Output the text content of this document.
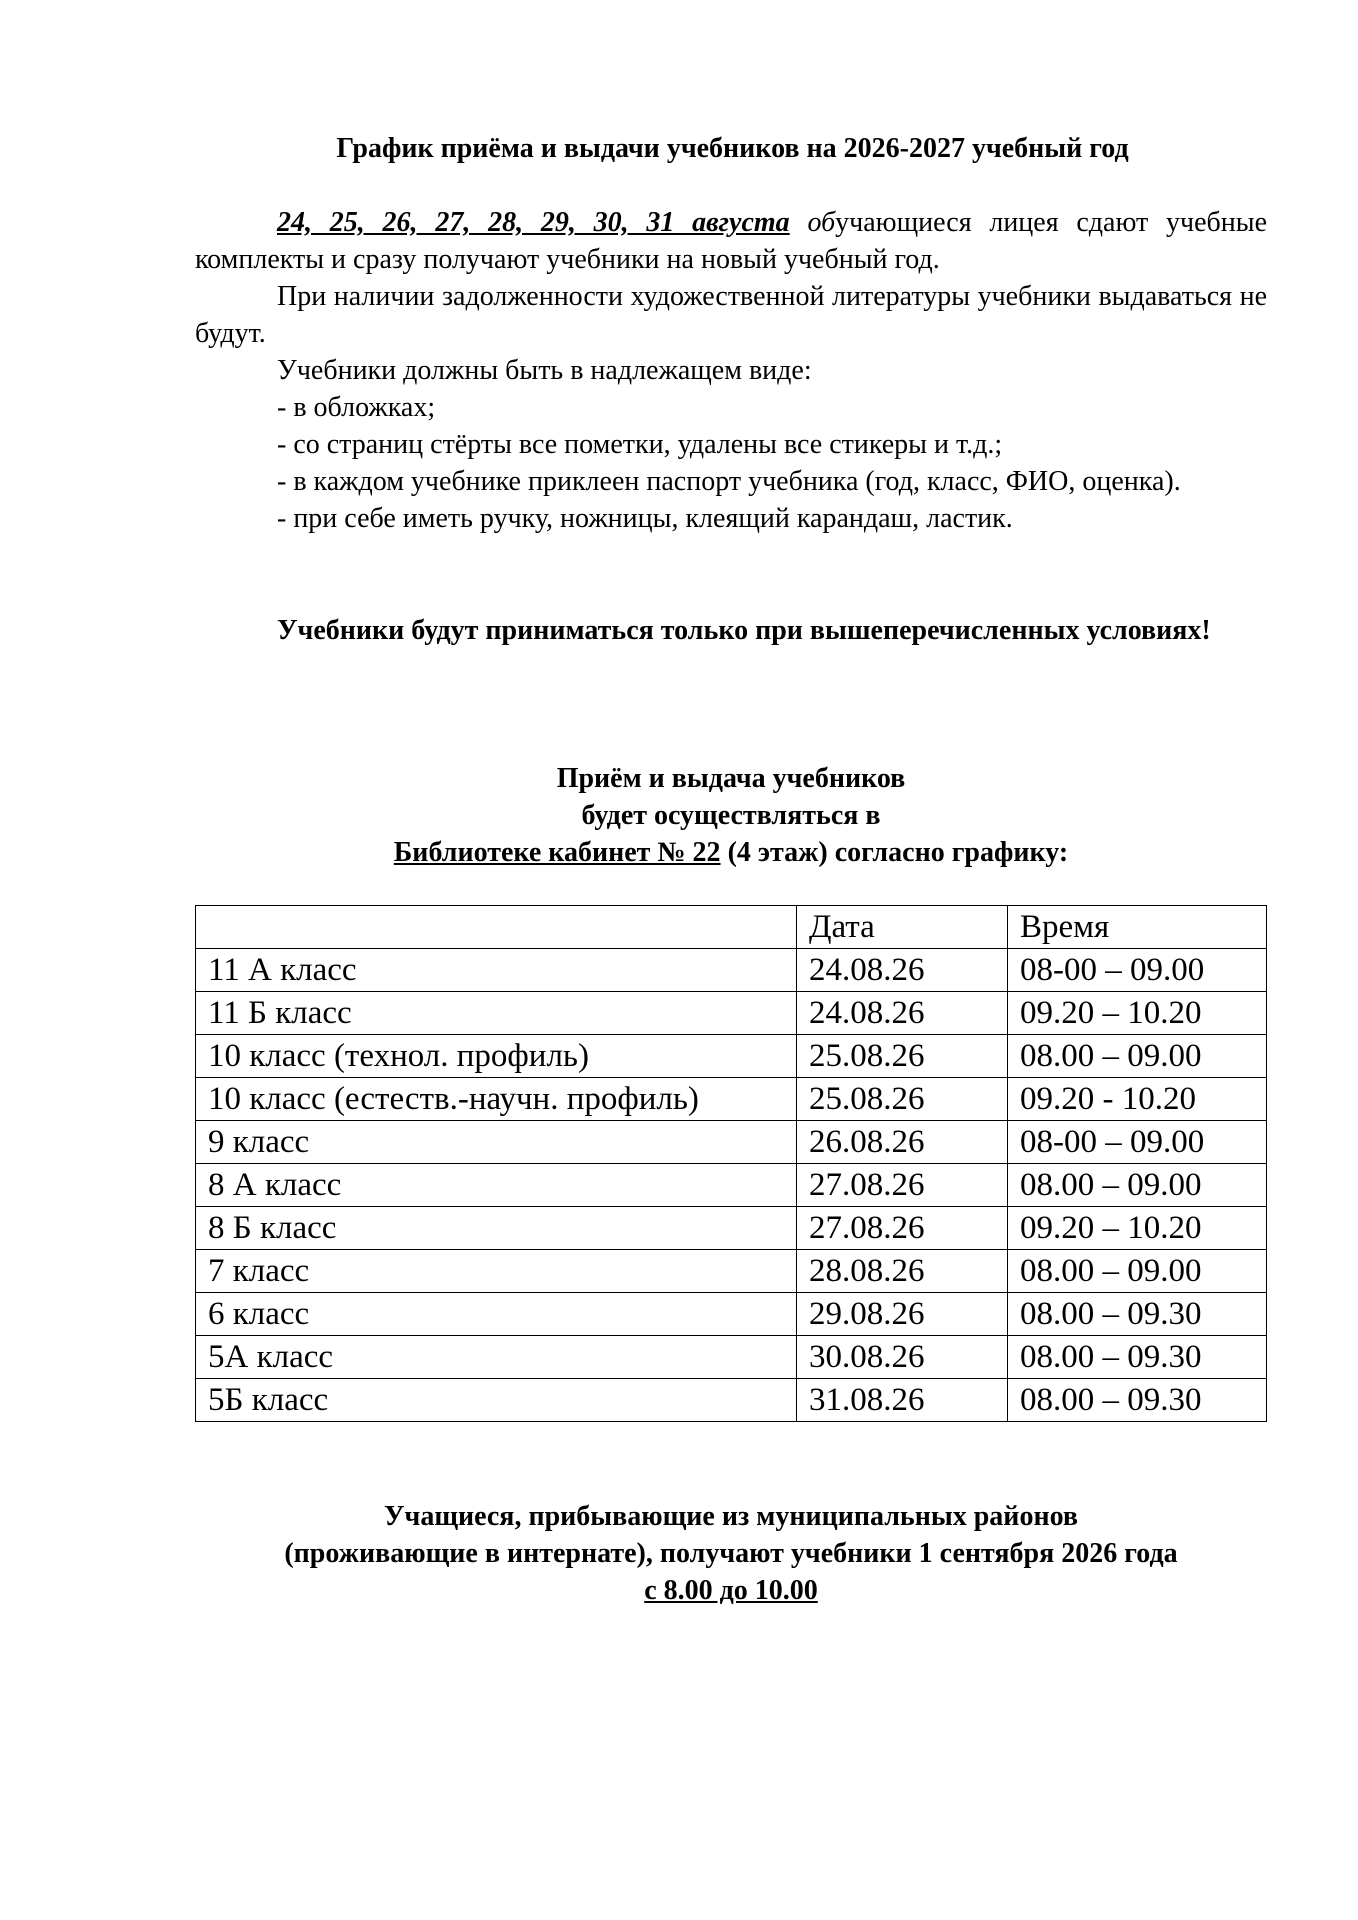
График приёма и выдачи учебников на 2026-2027 учебный год

24, 25, 26, 27, 28, 29, 30, 31 августа обучающиеся лицея сдают учебные комплекты и сразу получают учебники на новый учебный год.

При наличии задолженности художественной литературы учебники выдаваться не будут.

Учебники должны быть в надлежащем виде:

- в обложках;

- со страниц стёрты все пометки, удалены все стикеры и т.д.;

- в каждом учебнике приклеен паспорт учебника (год, класс, ФИО, оценка).

- при себе иметь ручку, ножницы, клеящий карандаш, ластик.

Учебники будут приниматься только при вышеперечисленных условиях!

Приём и выдача учебников
будет осуществляться в
Библиотеке кабинет № 22 (4 этаж) согласно графику:
	Дата	Время
11 А класс	24.08.26	08-00 – 09.00
11 Б класс	24.08.26	09.20 – 10.20
10 класс (технол. профиль)	25.08.26	08.00 – 09.00
10 класс (естеств.-научн. профиль)	25.08.26	09.20 - 10.20
9 класс	26.08.26	08-00 – 09.00
8 А класс	27.08.26	08.00 – 09.00
8 Б класс	27.08.26	09.20 – 10.20
7 класс	28.08.26	08.00 – 09.00
6 класс	29.08.26	08.00 – 09.30
5А класс	30.08.26	08.00 – 09.30
5Б класс	31.08.26	08.00 – 09.30
Учащиеся, прибывающие из муниципальных районов
(проживающие в интернате), получают учебники 1 сентября 2026 года
с 8.00 до 10.00
